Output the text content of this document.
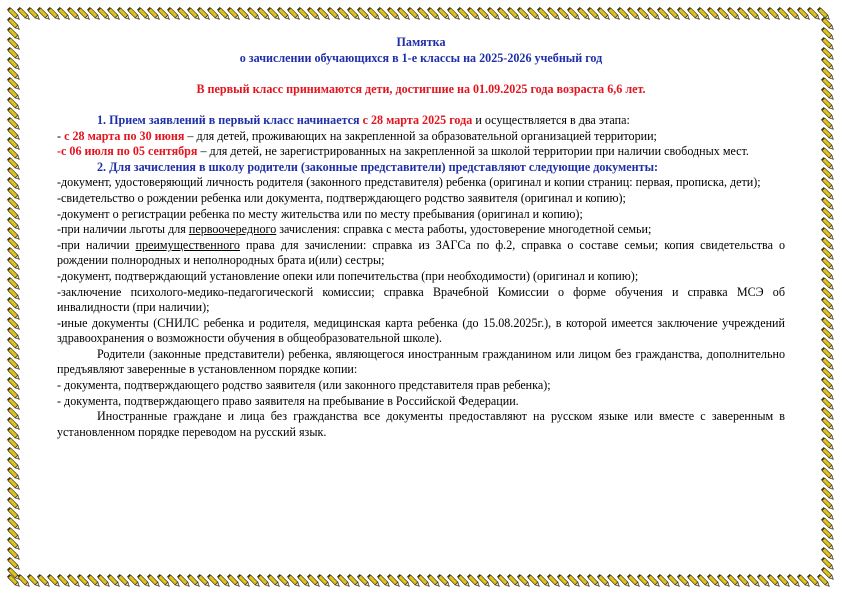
Памятка
о зачислении обучающихся в 1-е классы на 2025-2026 учебный год
В первый класс принимаются дети, достигшие на 01.09.2025 года возраста 6,6 лет.
1. Прием заявлений в первый класс начинается с 28 марта 2025 года и осуществляется в два этапа:
- с 28 марта по 30 июня – для детей, проживающих на закрепленной за образовательной организацией территории;
-с 06 июля по 05 сентября – для детей, не зарегистрированных на закрепленной за школой территории при наличии свободных мест.
2. Для зачисления в школу родители (законные представители) представляют следующие документы:
-документ, удостоверяющий личность родителя (законного представителя) ребенка (оригинал и копии страниц: первая, прописка, дети);
-свидетельство о рождении ребенка или документа, подтверждающего родство заявителя (оригинал и копию);
-документ о регистрации ребенка по месту жительства или по месту пребывания (оригинал и копию);
-при наличии льготы для первоочередного зачисления: справка с места работы, удостоверение многодетной семьи;
-при наличии преимущественного права для зачислении: справка из ЗАГСа по ф.2, справка о составе семьи; копия свидетельства о рождении полнородных и неполнородных брата и(или) сестры;
-документ, подтверждающий установление опеки или попечительства (при необходимости) (оригинал и копию);
-заключение психолого-медико-педагогическогй комиссии; справка Врачебной Комиссии о форме обучения и справка МСЭ об инвалидности (при наличии);
-иные документы (СНИЛС ребенка и родителя, медицинская карта ребенка (до 15.08.2025г.), в которой имеется заключение учреждений здравоохранения о возможности обучения в общеобразовательной школе).
Родители (законные представители) ребенка, являющегося иностранным гражданином или лицом без гражданства, дополнительно предъявляют заверенные в установленном порядке копии:
- документа, подтверждающего родство заявителя (или законного представителя прав ребенка);
- документа, подтверждающего право заявителя на пребывание в Российской Федерации.
Иностранные граждане и лица без гражданства все документы предоставляют на русском языке или вместе с заверенным в установленном порядке переводом на русский язык.
